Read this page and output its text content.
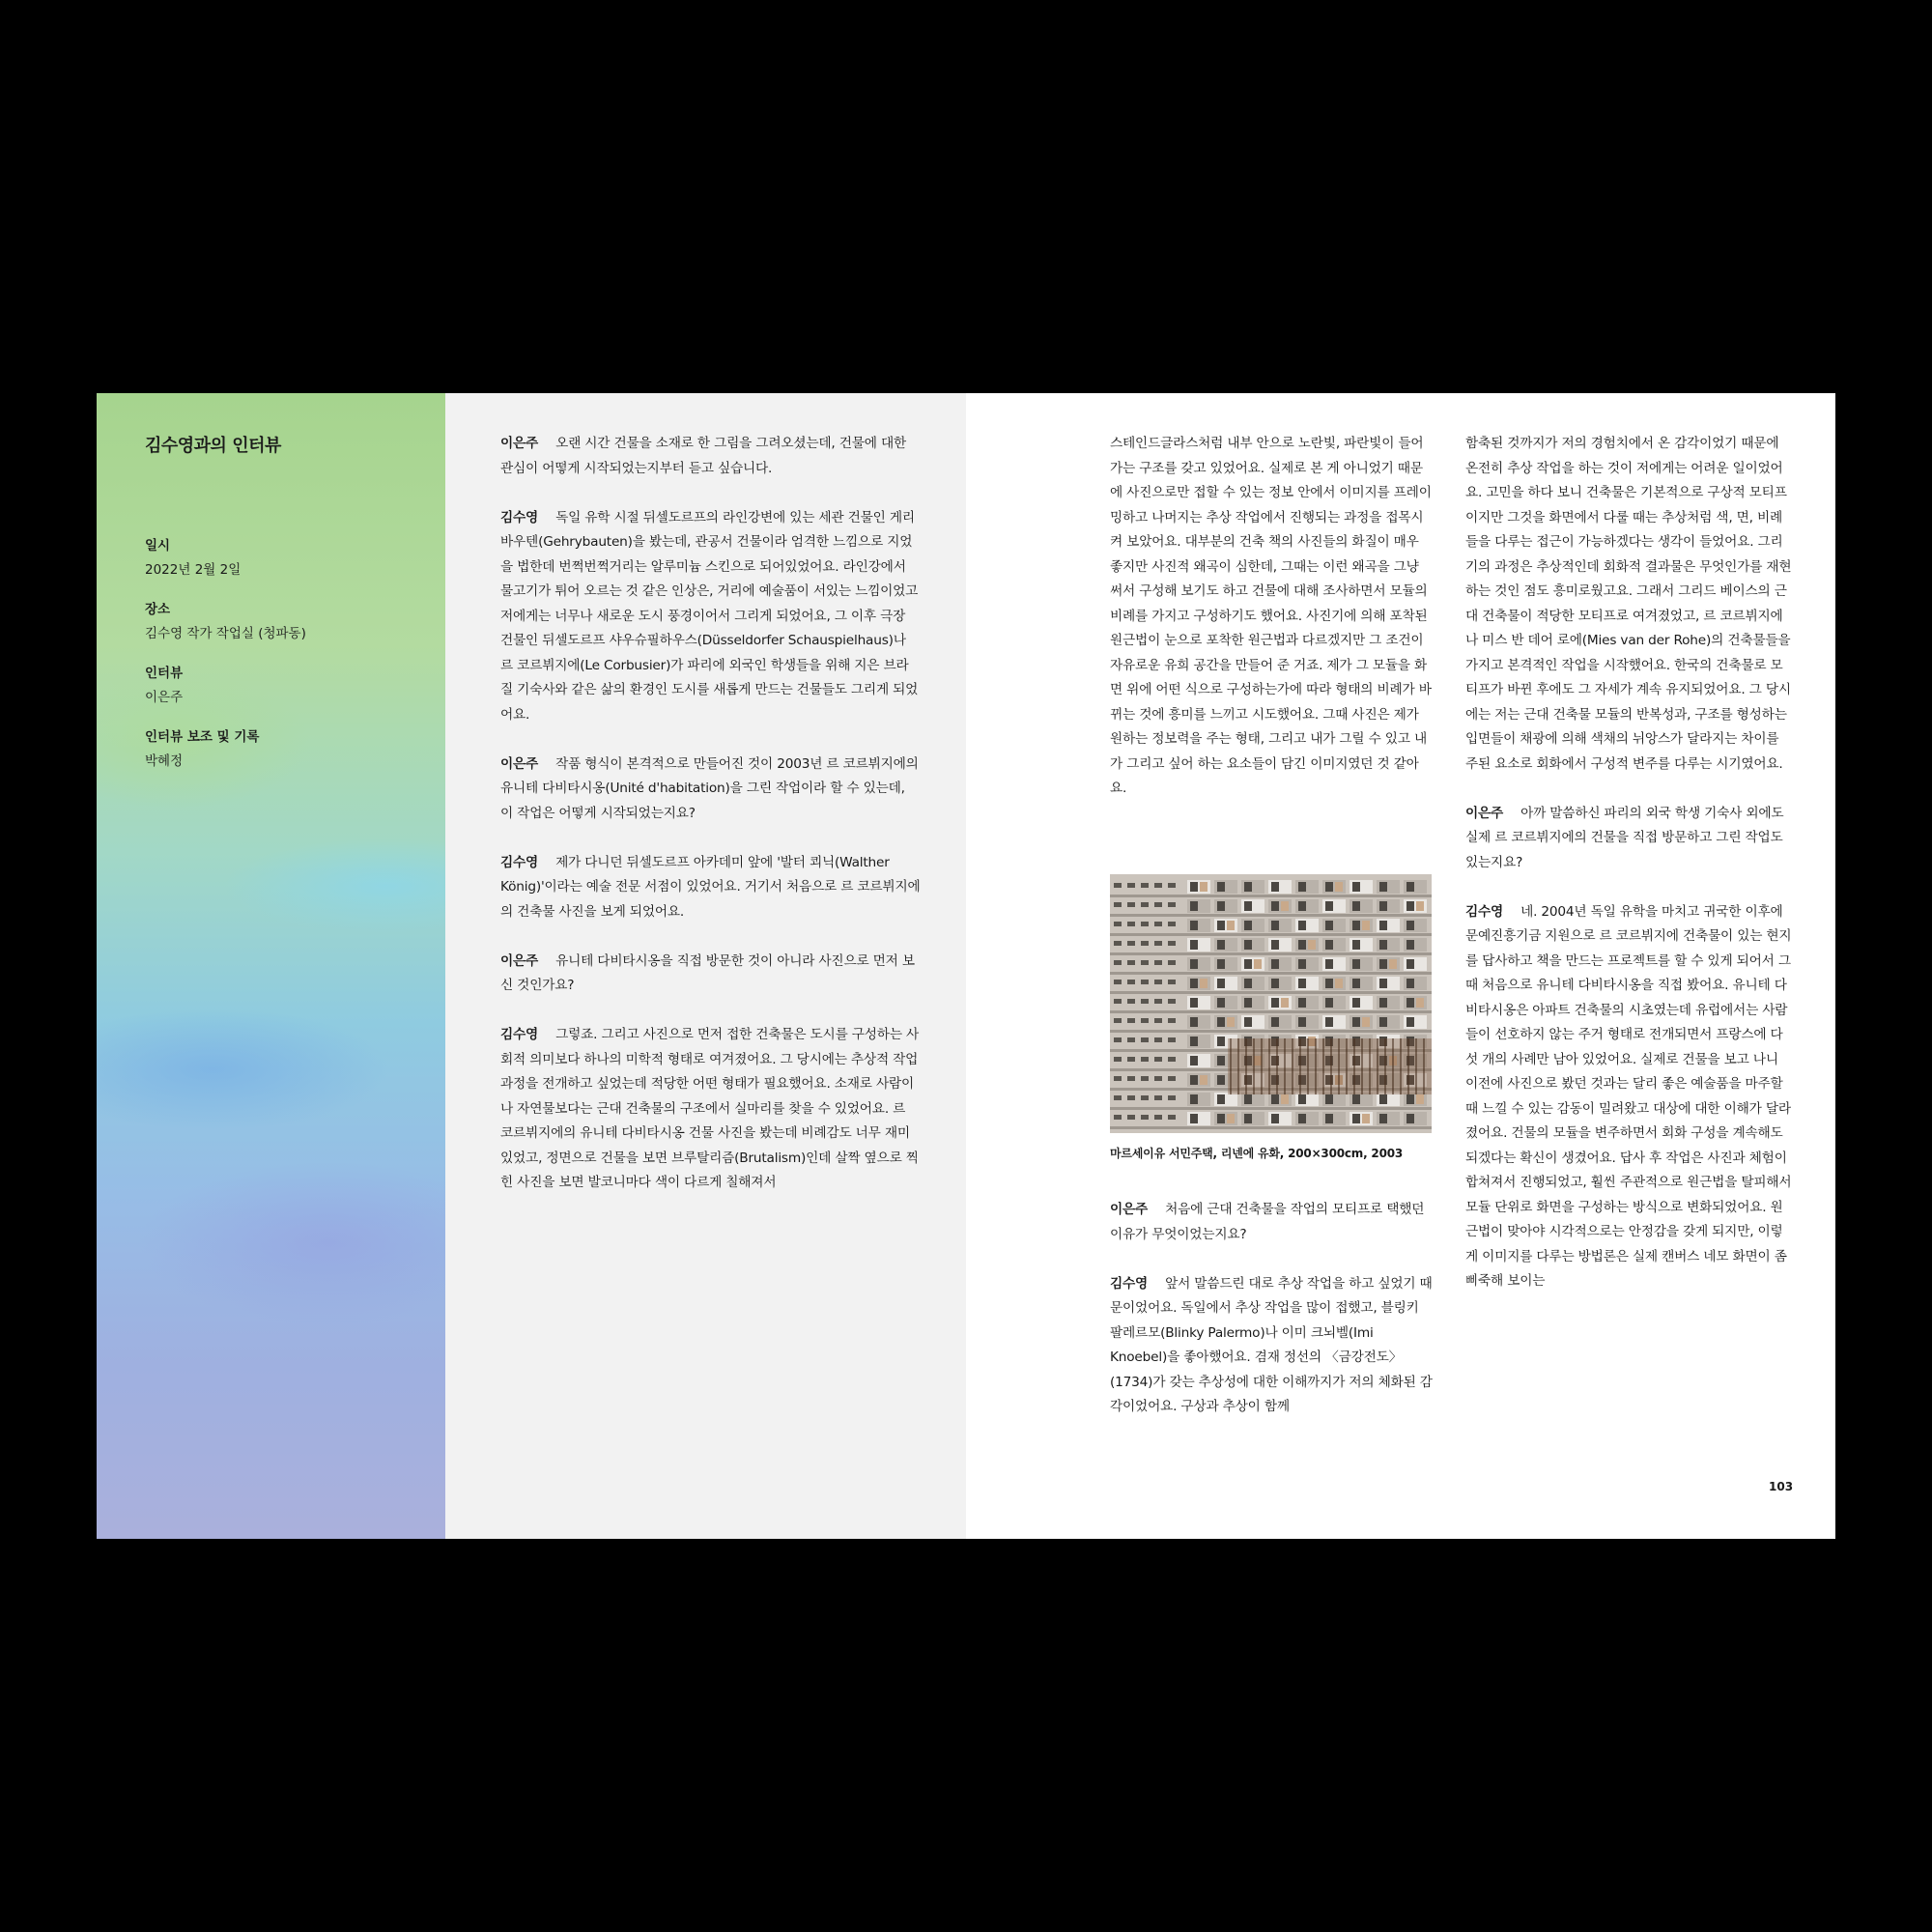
김수영과의 인터뷰
일시
2022년 2월 2일
장소
김수영 작가 작업실 (청파동)
인터뷰
이은주
인터뷰 보조 및 기록
박혜정

이은주 오랜 시간 건물을 소재로 한 그림을 그려오셨는데, 건물에 대한 관심이 어떻게 시작되었는지부터 듣고 싶습니다.

김수영 독일 유학 시절 뒤셀도르프의 라인강변에 있는 세관 건물인 게리바우텐(Gehrybauten)을 봤는데, 관공서 건물이라 엄격한 느낌으로 지었을 법한데 번쩍번쩍거리는 알루미늄 스킨으로 되어있었어요. 라인강에서 물고기가 튀어 오르는 것 같은 인상은, 거리에 예술품이 서있는 느낌이었고 저에게는 너무나 새로운 도시 풍경이어서 그리게 되었어요, 그 이후 극장 건물인 뒤셀도르프 샤우슈필하우스(Düsseldorfer Schauspielhaus)나 르 코르뷔지에(Le Corbusier)가 파리에 외국인 학생들을 위해 지은 브라질 기숙사와 같은 삶의 환경인 도시를 새롭게 만드는 건물들도 그리게 되었어요.

이은주 작품 형식이 본격적으로 만들어진 것이 2003년 르 코르뷔지에의 유니테 다비타시옹(Unité d'habitation)을 그린 작업이라 할 수 있는데, 이 작업은 어떻게 시작되었는지요?

김수영 제가 다니던 뒤셀도르프 아카데미 앞에 '발터 쾨닉(Walther König)'이라는 예술 전문 서점이 있었어요. 거기서 처음으로 르 코르뷔지에의 건축물 사진을 보게 되었어요.

이은주 유니테 다비타시옹을 직접 방문한 것이 아니라 사진으로 먼저 보신 것인가요?

김수영 그렇죠. 그리고 사진으로 먼저 접한 건축물은 도시를 구성하는 사회적 의미보다 하나의 미학적 형태로 여겨졌어요. 그 당시에는 추상적 작업 과정을 전개하고 싶었는데 적당한 어떤 형태가 필요했어요. 소재로 사람이나 자연물보다는 근대 건축물의 구조에서 실마리를 찾을 수 있었어요. 르 코르뷔지에의 유니테 다비타시옹 건물 사진을 봤는데 비례감도 너무 재미있었고, 정면으로 건물을 보면 브루탈리즘(Brutalism)인데 살짝 옆으로 찍힌 사진을 보면 발코니마다 색이 다르게 칠해져서

스테인드글라스처럼 내부 안으로 노란빛, 파란빛이 들어가는 구조를 갖고 있었어요. 실제로 본 게 아니었기 때문에 사진으로만 접할 수 있는 정보 안에서 이미지를 프레이밍하고 나머지는 추상 작업에서 진행되는 과정을 접목시켜 보았어요. 대부분의 건축 책의 사진들의 화질이 매우 좋지만 사진적 왜곡이 심한데, 그때는 이런 왜곡을 그냥 써서 구성해 보기도 하고 건물에 대해 조사하면서 모듈의 비례를 가지고 구성하기도 했어요. 사진기에 의해 포착된 원근법이 눈으로 포착한 원근법과 다르겠지만 그 조건이 자유로운 유희 공간을 만들어 준 거죠. 제가 그 모듈을 화면 위에 어떤 식으로 구성하는가에 따라 형태의 비례가 바뀌는 것에 흥미를 느끼고 시도했어요. 그때 사진은 제가 원하는 정보력을 주는 형태, 그리고 내가 그릴 수 있고 내가 그리고 싶어 하는 요소들이 담긴 이미지였던 것 같아요.

마르세이유 서민주택, 리넨에 유화, 200×300cm, 2003

이은주 처음에 근대 건축물을 작업의 모티프로 택했던 이유가 무엇이었는지요?

김수영 앞서 말씀드린 대로 추상 작업을 하고 싶었기 때문이었어요. 독일에서 추상 작업을 많이 접했고, 블링키 팔레르모(Blinky Palermo)나 이미 크뇌벨(Imi Knoebel)을 좋아했어요. 겸재 정선의 〈금강전도〉(1734)가 갖는 추상성에 대한 이해까지가 저의 체화된 감각이었어요. 구상과 추상이 함께

함축된 것까지가 저의 경험치에서 온 감각이었기 때문에 온전히 추상 작업을 하는 것이 저에게는 어려운 일이었어요. 고민을 하다 보니 건축물은 기본적으로 구상적 모티프이지만 그것을 화면에서 다룰 때는 추상처럼 색, 면, 비례들을 다루는 접근이 가능하겠다는 생각이 들었어요. 그리기의 과정은 추상적인데 회화적 결과물은 무엇인가를 재현하는 것인 점도 흥미로웠고요. 그래서 그리드 베이스의 근대 건축물이 적당한 모티프로 여겨졌었고, 르 코르뷔지에나 미스 반 데어 로에(Mies van der Rohe)의 건축물들을 가지고 본격적인 작업을 시작했어요. 한국의 건축물로 모티프가 바뀐 후에도 그 자세가 계속 유지되었어요. 그 당시에는 저는 근대 건축물 모듈의 반복성과, 구조를 형성하는 입면들이 채광에 의해 색채의 뉘앙스가 달라지는 차이를 주된 요소로 회화에서 구성적 변주를 다루는 시기였어요.

이은주 아까 말씀하신 파리의 외국 학생 기숙사 외에도 실제 르 코르뷔지에의 건물을 직접 방문하고 그린 작업도 있는지요?

김수영 네. 2004년 독일 유학을 마치고 귀국한 이후에 문예진흥기금 지원으로 르 코르뷔지에 건축물이 있는 현지를 답사하고 책을 만드는 프로젝트를 할 수 있게 되어서 그때 처음으로 유니테 다비타시옹을 직접 봤어요. 유니테 다비타시옹은 아파트 건축물의 시초였는데 유럽에서는 사람들이 선호하지 않는 주거 형태로 전개되면서 프랑스에 다섯 개의 사례만 남아 있었어요. 실제로 건물을 보고 나니 이전에 사진으로 봤던 것과는 달리 좋은 예술품을 마주할 때 느낄 수 있는 감동이 밀려왔고 대상에 대한 이해가 달라졌어요. 건물의 모듈을 변주하면서 회화 구성을 계속해도 되겠다는 확신이 생겼어요. 답사 후 작업은 사진과 체험이 합쳐져서 진행되었고, 훨씬 주관적으로 원근법을 탈피해서 모듈 단위로 화면을 구성하는 방식으로 변화되었어요. 원근법이 맞아야 시각적으로는 안정감을 갖게 되지만, 이렇게 이미지를 다루는 방법론은 실제 캔버스 네모 화면이 좀 삐죽해 보이는

103
